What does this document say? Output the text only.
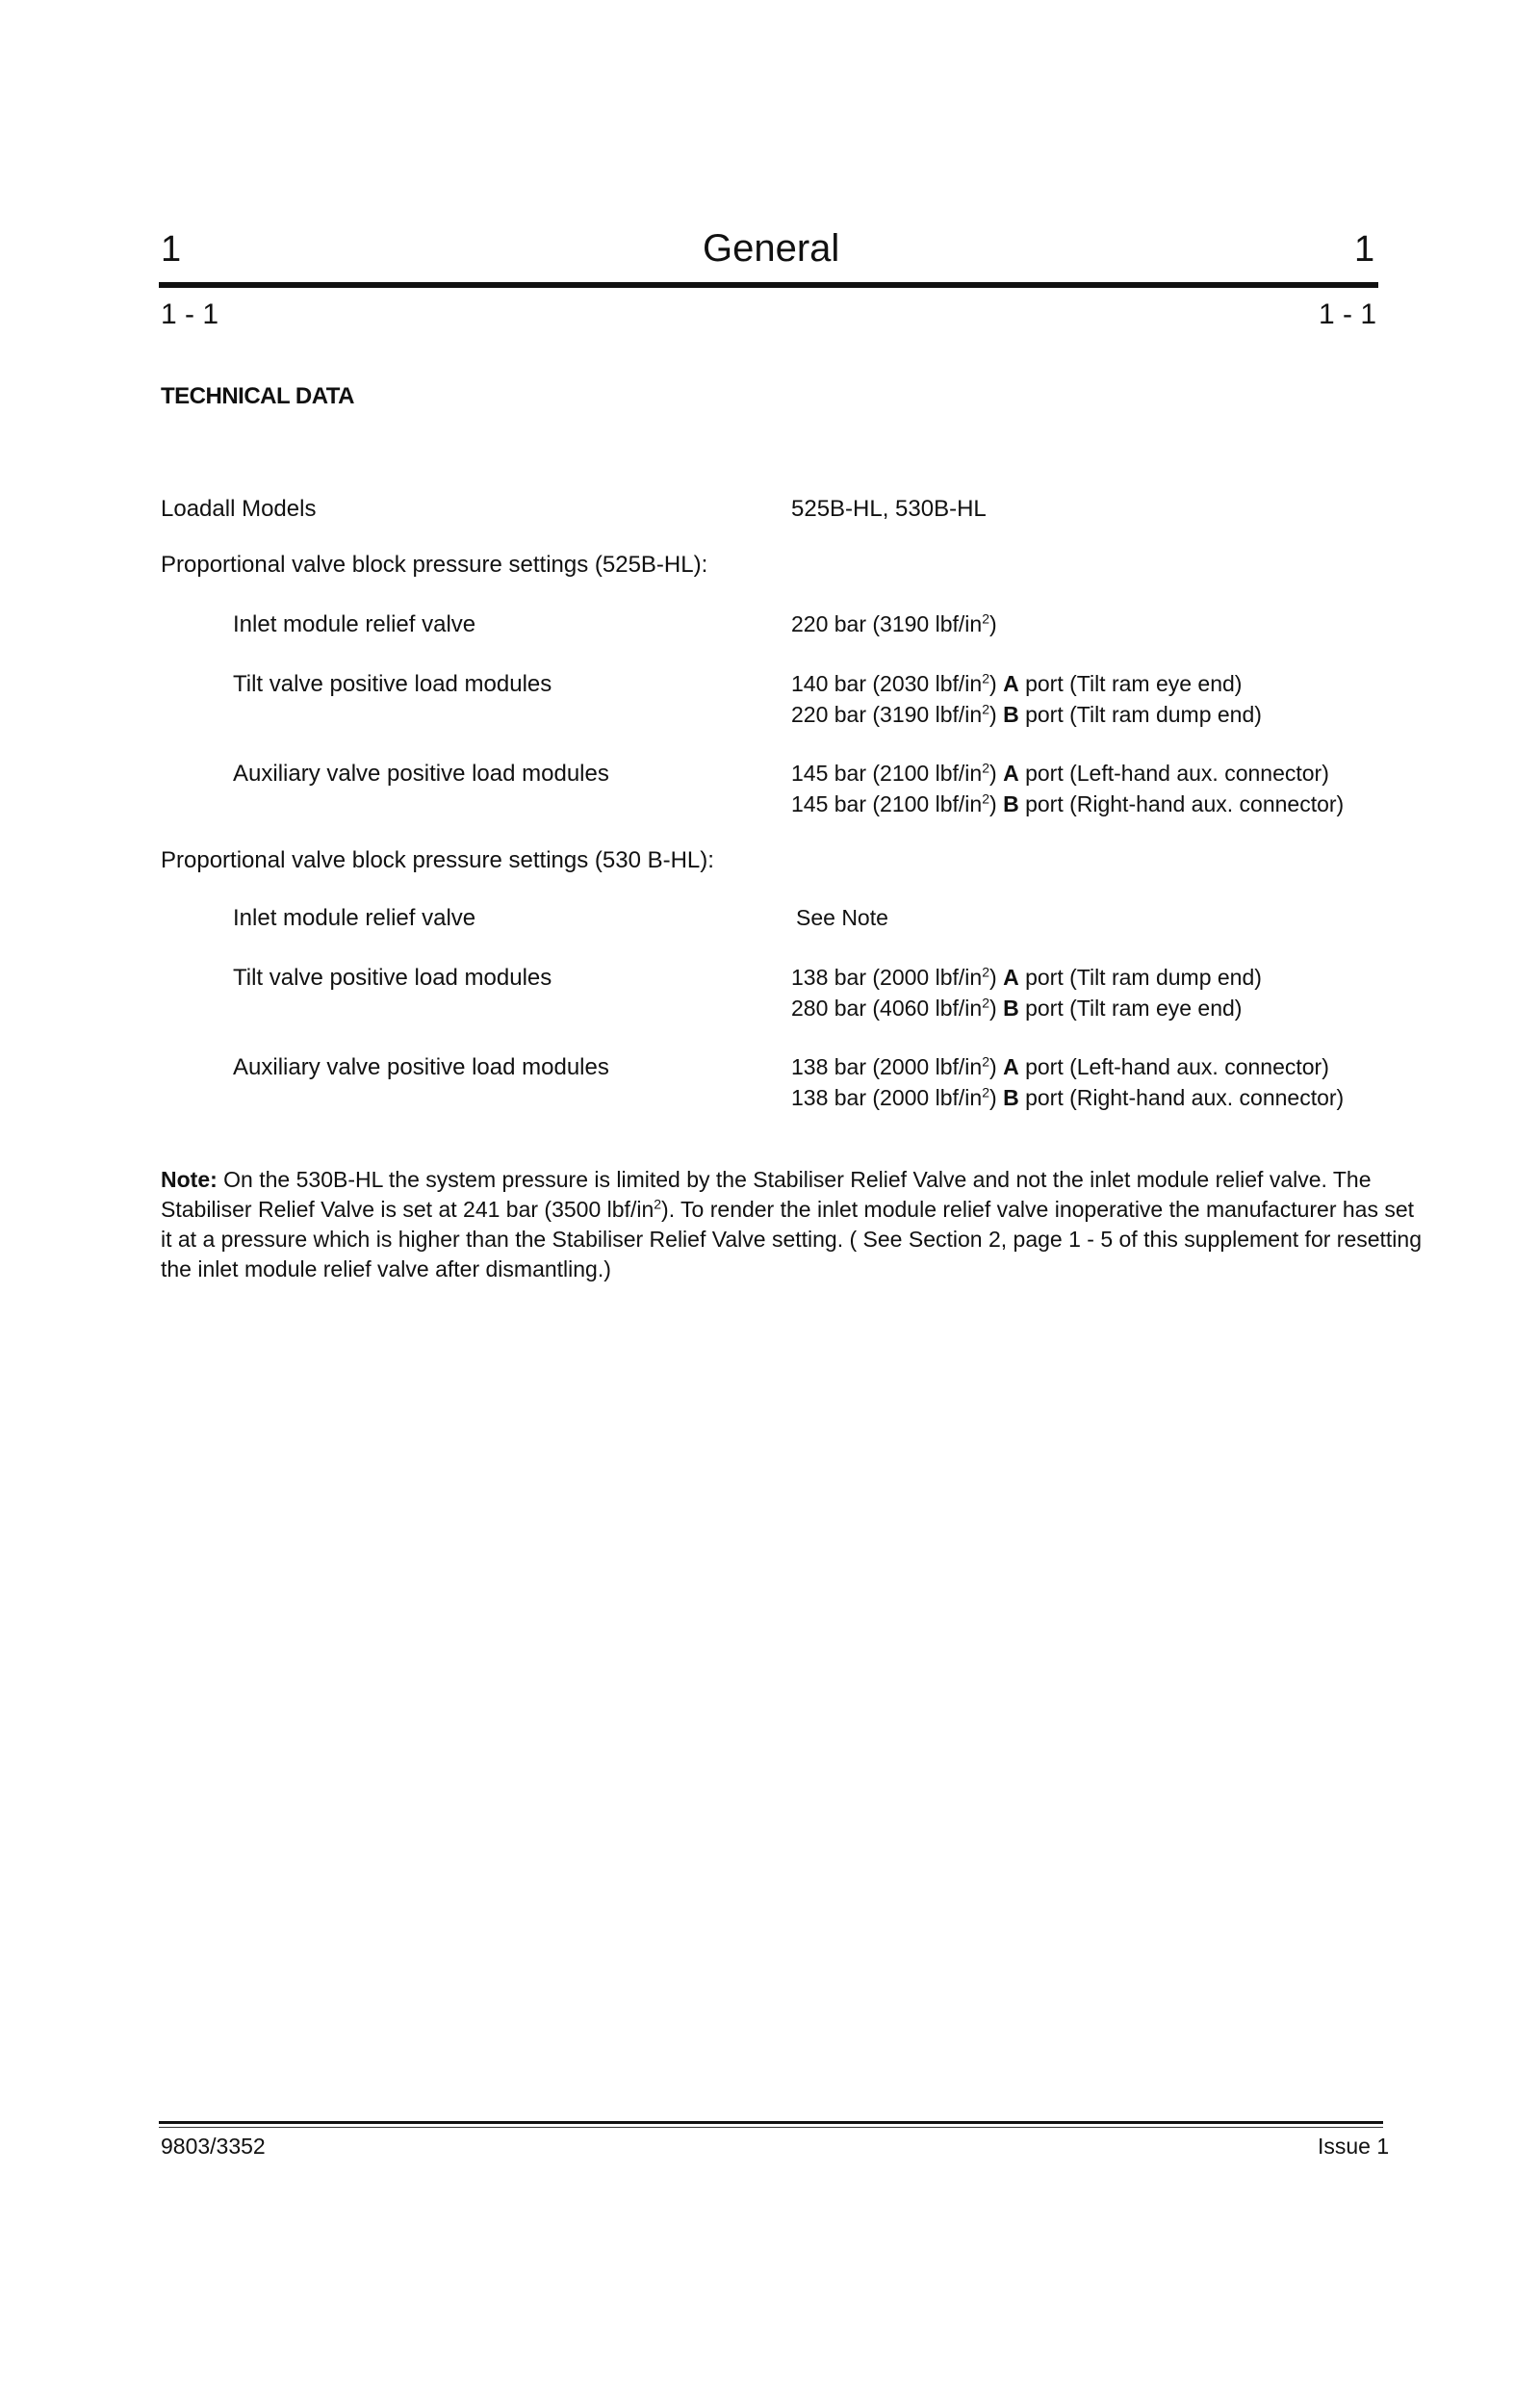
1	General	1
1 - 1	1 - 1
TECHNICAL DATA
Loadall Models	525B-HL, 530B-HL
Proportional valve block pressure settings (525B-HL):
Inlet module relief valve	220 bar (3190 lbf/$in^2$)
Tilt valve positive load modules	140 bar (2030 lbf/$in^2$) A port (Tilt ram eye end)
220 bar (3190 lbf/$in^2$) B port (Tilt ram dump end)
Auxiliary valve positive load modules	145 bar (2100 lbf/$in^2$) A port (Left-hand aux. connector)
145 bar (2100 lbf/$in^2$) B port (Right-hand aux. connector)
Proportional valve block pressure settings (530 B-HL):
Inlet module relief valve	See Note
Tilt valve positive load modules	138 bar (2000 lbf/$in^2$) A port (Tilt ram dump end)
280 bar (4060 lbf/$in^2$) B port (Tilt ram eye end)
Auxiliary valve positive load modules	138 bar (2000 lbf/$in^2$) A port (Left-hand aux. connector)
138 bar (2000 lbf/$in^2$) B port (Right-hand aux. connector)
Note: On the 530B-HL the system pressure is limited by the Stabiliser Relief Valve and not the inlet module relief valve. The Stabiliser Relief Valve is set at 241 bar (3500 lbf/$in^2$). To render the inlet module relief valve inoperative the manufacturer has set it at a pressure which is higher than the Stabiliser Relief Valve setting. ( See Section 2, page 1 - 5 of this supplement for resetting the inlet module relief valve after dismantling.)
9803/3352	Issue 1
